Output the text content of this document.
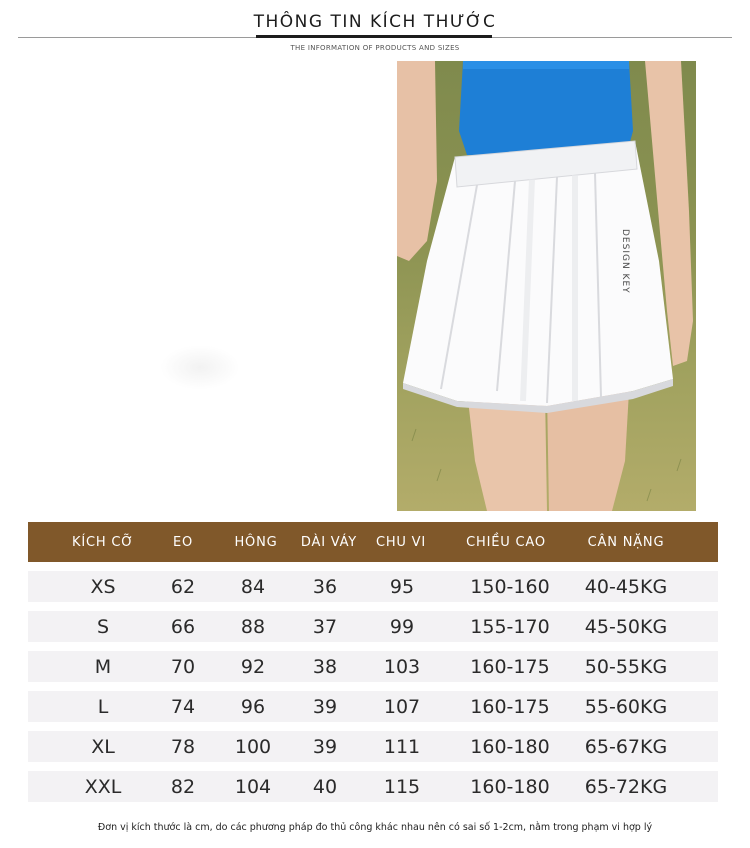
THÔNG TIN KÍCH THƯỚC
THE INFORMATION OF PRODUCTS AND SIZES
DESIGN KEY
KÍCH CỠ	EO	HÔNG	DÀI VÁY	CHU VI	CHIỀU CAO	CÂN NẶNG
XS	62	84	36	95	150-160	40-45KG
S	66	88	37	99	155-170	45-50KG
M	70	92	38	103	160-175	50-55KG
L	74	96	39	107	160-175	55-60KG
XL	78	100	39	111	160-180	65-67KG
XXL	82	104	40	115	160-180	65-72KG
Đơn vị kích thước là cm, do các phương pháp đo thủ công khác nhau nên có sai số 1-2cm, nằm trong phạm vi hợp lý
